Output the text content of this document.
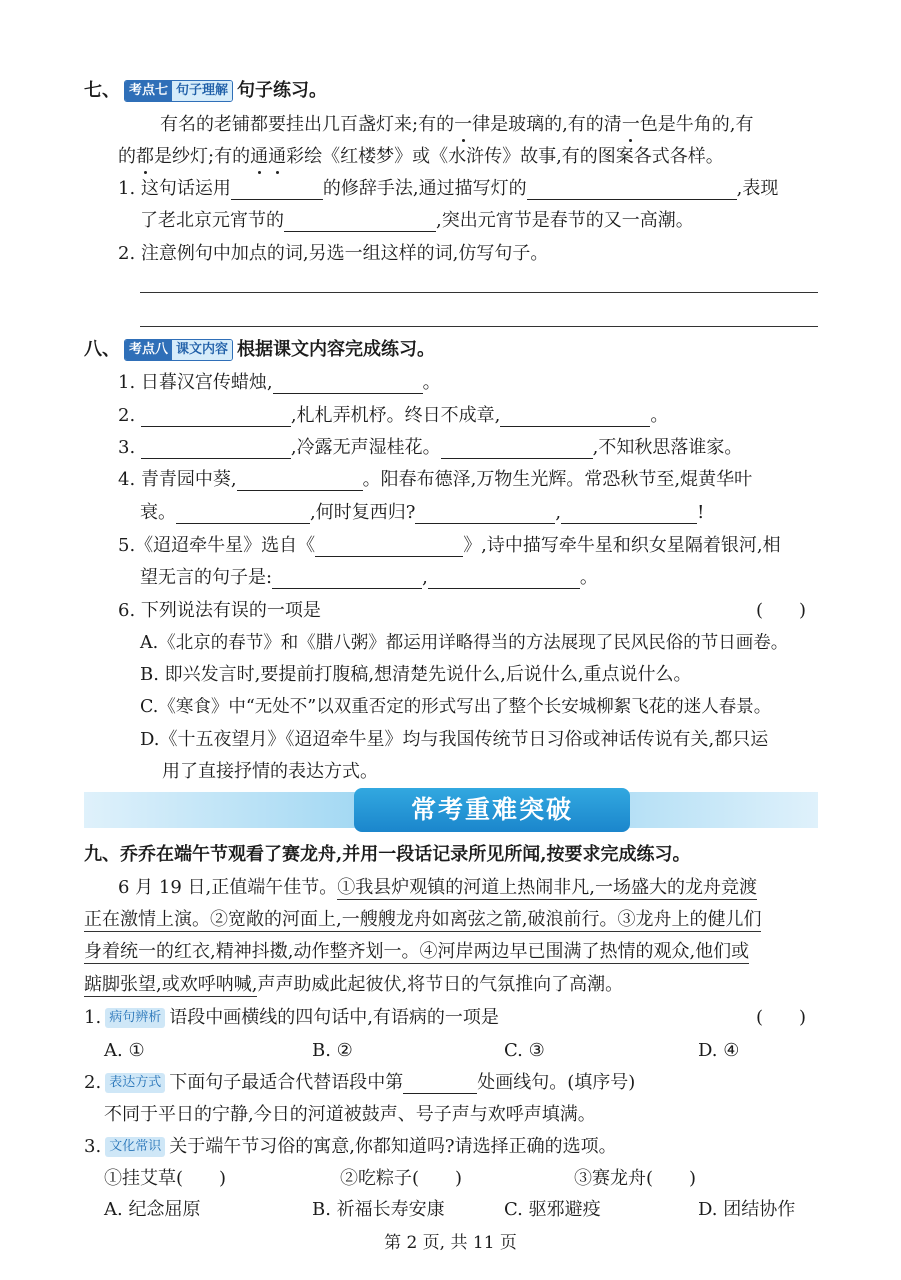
七、 考点七 句子理解 句子练习。
有名的老铺都要挂出几百盏灯来;有的一律是玻璃的,有的清一色是牛角的,有
的都是纱灯;有的通通彩绘《红楼梦》或《水浒传》故事,有的图案各式各样。
1. 这句话运用	的修辞手法,通过描写灯的	,表现
了老北京元宵节的	,突出元宵节是春节的又一高潮。
2. 注意例句中加点的词,另选一组这样的词,仿写句子。
八、 考点八 课文内容 根据课文内容完成练习。
1. 日暮汉宫传蜡烛,	。
2.	,札札弄机杼。终日不成章,	。
3.	,冷露无声湿桂花。	,不知秋思落谁家。
4. 青青园中葵,	。阳春布德泽,万物生光辉。常恐秋节至,焜黄华叶
衰。	,何时复西归?	,	!
5.《迢迢牵牛星》选自《	》,诗中描写牵牛星和织女星隔着银河,相
望无言的句子是:	,	。
6. 下列说法有误的一项是	(　　)
A.《北京的春节》和《腊八粥》都运用详略得当的方法展现了民风民俗的节日画卷。
B. 即兴发言时,要提前打腹稿,想清楚先说什么,后说什么,重点说什么。
C.《寒食》中“无处不”以双重否定的形式写出了整个长安城柳絮飞花的迷人春景。
D.《十五夜望月》《迢迢牵牛星》均与我国传统节日习俗或神话传说有关,都只运
用了直接抒情的表达方式。
常考重难突破
九、乔乔在端午节观看了赛龙舟,并用一段话记录所见所闻,按要求完成练习。
6 月 19 日,正值端午佳节。①我县炉观镇的河道上热闹非凡,一场盛大的龙舟竞渡
正在激情上演。②宽敞的河面上,一艘艘龙舟如离弦之箭,破浪前行。③龙舟上的健儿们
身着统一的红衣,精神抖擞,动作整齐划一。④河岸两边早已围满了热情的观众,他们或
踮脚张望,或欢呼呐喊,声声助威此起彼伏,将节日的气氛推向了高潮。
1. 病句辨析 语段中画横线的四句话中,有语病的一项是	(　　)
A. ①	B. ②	C. ③	D. ④
2. 表达方式 下面句子最适合代替语段中第	处画线句。(填序号)
不同于平日的宁静,今日的河道被鼓声、号子声与欢呼声填满。
3. 文化常识 关于端午节习俗的寓意,你都知道吗?请选择正确的选项。
①挂艾草(　　)	②吃粽子(　　)	③赛龙舟(　　)
A. 纪念屈原	B. 祈福长寿安康	C. 驱邪避疫	D. 团结协作
第 2 页, 共 11 页
